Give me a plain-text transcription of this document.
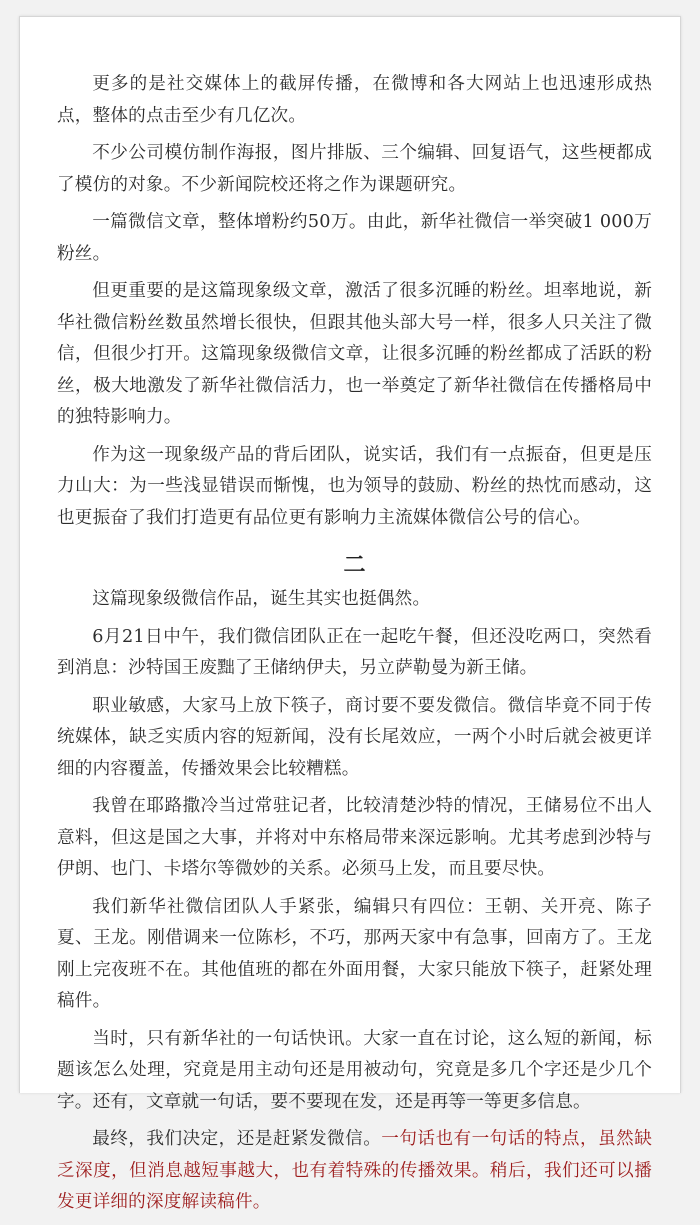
更多的是社交媒体上的截屏传播，在微博和各大网站上也迅速形成热点，整体的点击至少有几亿次。

不少公司模仿制作海报，图片排版、三个编辑、回复语气，这些梗都成了模仿的对象。不少新闻院校还将之作为课题研究。

一篇微信文章，整体增粉约50万。由此，新华社微信一举突破1 000万粉丝。

但更重要的是这篇现象级文章，激活了很多沉睡的粉丝。坦率地说，新华社微信粉丝数虽然增长很快，但跟其他头部大号一样，很多人只关注了微信，但很少打开。这篇现象级微信文章，让很多沉睡的粉丝都成了活跃的粉丝，极大地激发了新华社微信活力，也一举奠定了新华社微信在传播格局中的独特影响力。

作为这一现象级产品的背后团队，说实话，我们有一点振奋，但更是压力山大：为一些浅显错误而惭愧，也为领导的鼓励、粉丝的热忱而感动，这也更振奋了我们打造更有品位更有影响力主流媒体微信公号的信心。

二

这篇现象级微信作品，诞生其实也挺偶然。

6月21日中午，我们微信团队正在一起吃午餐，但还没吃两口，突然看到消息：沙特国王废黜了王储纳伊夫，另立萨勒曼为新王储。

职业敏感，大家马上放下筷子，商讨要不要发微信。微信毕竟不同于传统媒体，缺乏实质内容的短新闻，没有长尾效应，一两个小时后就会被更详细的内容覆盖，传播效果会比较糟糕。

我曾在耶路撒冷当过常驻记者，比较清楚沙特的情况，王储易位不出人意料，但这是国之大事，并将对中东格局带来深远影响。尤其考虑到沙特与伊朗、也门、卡塔尔等微妙的关系。必须马上发，而且要尽快。

我们新华社微信团队人手紧张，编辑只有四位：王朝、关开亮、陈子夏、王龙。刚借调来一位陈杉，不巧，那两天家中有急事，回南方了。王龙刚上完夜班不在。其他值班的都在外面用餐，大家只能放下筷子，赶紧处理稿件。

当时，只有新华社的一句话快讯。大家一直在讨论，这么短的新闻，标题该怎么处理，究竟是用主动句还是用被动句，究竟是多几个字还是少几个字。还有，文章就一句话，要不要现在发，还是再等一等更多信息。

最终，我们决定，还是赶紧发微信。一句话也有一句话的特点，虽然缺乏深度，但消息越短事越大，也有着特殊的传播效果。稍后，我们还可以播发更详细的深度解读稿件。
